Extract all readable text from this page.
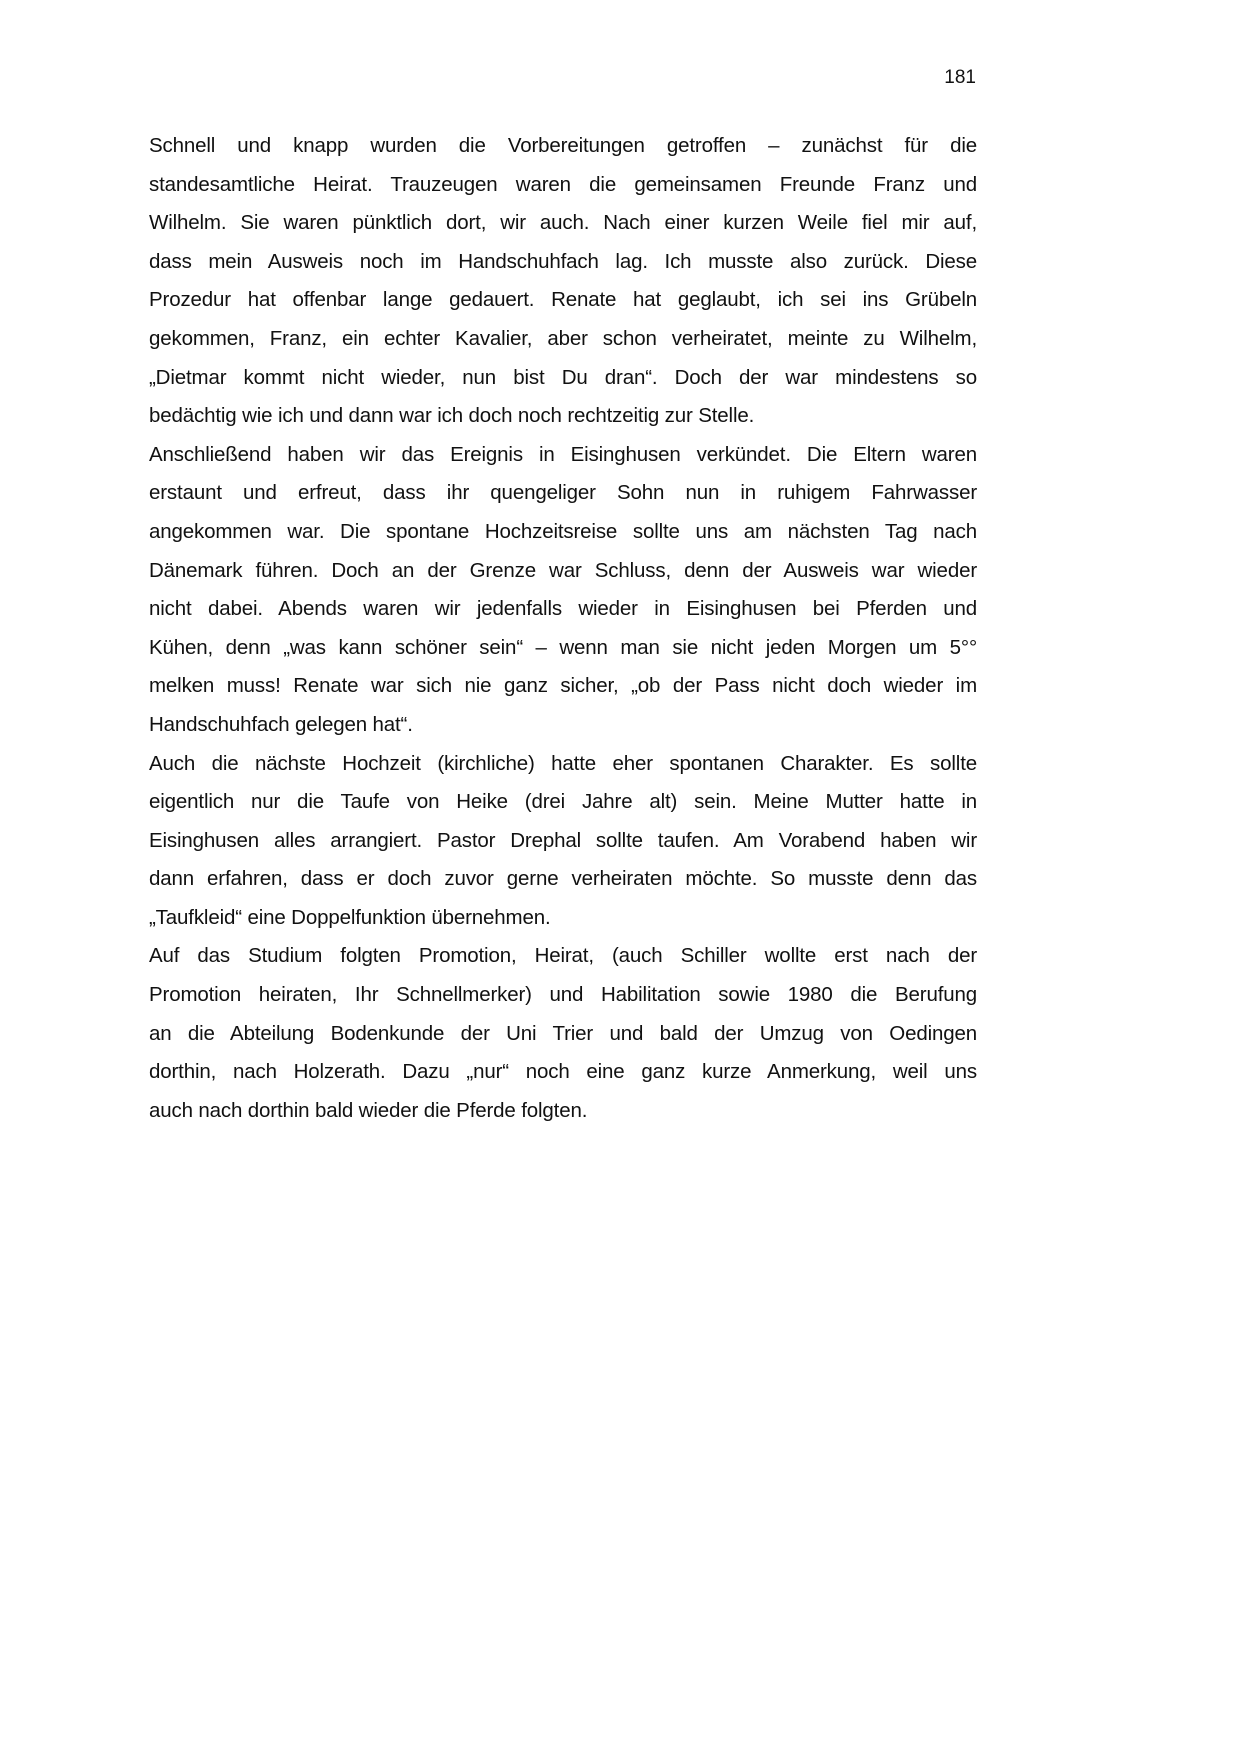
181
Schnell und knapp wurden die Vorbereitungen getroffen – zunächst für die
standesamtliche Heirat. Trauzeugen waren die gemeinsamen Freunde Franz und
Wilhelm. Sie waren pünktlich dort, wir auch. Nach einer kurzen Weile fiel mir auf,
dass mein Ausweis noch im Handschuhfach lag. Ich musste also zurück. Diese
Prozedur hat offenbar lange gedauert. Renate hat geglaubt, ich sei ins Grübeln
gekommen, Franz, ein echter Kavalier, aber schon verheiratet, meinte zu Wilhelm,
„Dietmar kommt nicht wieder, nun bist Du dran“. Doch der war mindestens so
bedächtig wie ich und dann war ich doch noch rechtzeitig zur Stelle.
Anschließend haben wir das Ereignis in Eisinghusen verkündet. Die Eltern waren
erstaunt und erfreut, dass ihr quengeliger Sohn nun in ruhigem Fahrwasser
angekommen war. Die spontane Hochzeitsreise sollte uns am nächsten Tag nach
Dänemark führen. Doch an der Grenze war Schluss, denn der Ausweis war wieder
nicht dabei. Abends waren wir jedenfalls wieder in Eisinghusen bei Pferden und
Kühen, denn „was kann schöner sein“ – wenn man sie nicht jeden Morgen um 5°°
melken muss! Renate war sich nie ganz sicher, „ob der Pass nicht doch wieder im
Handschuhfach gelegen hat“.
Auch die nächste Hochzeit (kirchliche) hatte eher spontanen Charakter. Es sollte
eigentlich nur die Taufe von Heike (drei Jahre alt) sein. Meine Mutter hatte in
Eisinghusen alles arrangiert. Pastor Drephal sollte taufen. Am Vorabend haben wir
dann erfahren, dass er doch zuvor gerne verheiraten möchte. So musste denn das
„Taufkleid“ eine Doppelfunktion übernehmen.
Auf das Studium folgten Promotion, Heirat, (auch Schiller wollte erst nach der
Promotion heiraten, Ihr Schnellmerker) und Habilitation sowie 1980 die Berufung
an die Abteilung Bodenkunde der Uni Trier und bald der Umzug von Oedingen
dorthin, nach Holzerath. Dazu „nur“ noch eine ganz kurze Anmerkung, weil uns
auch nach dorthin bald wieder die Pferde folgten.
